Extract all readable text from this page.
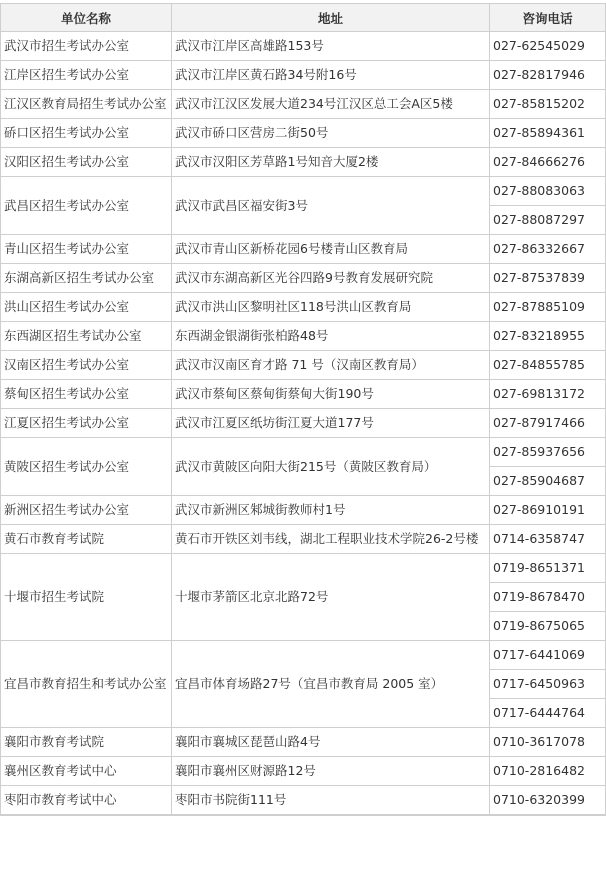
单位名称	地址	咨询电话
武汉市招生考试办公室	武汉市江岸区高雄路153号	027-62545029

江岸区招生考试办公室	武汉市江岸区黄石路34号附16号	027-82817946

江汉区教育局招生考试办公室	武汉市江汉区发展大道234号江汉区总工会A区5楼	027-85815202

硚口区招生考试办公室	武汉市硚口区营房二街50号	027-85894361

汉阳区招生考试办公室	武汉市汉阳区芳草路1号知音大厦2楼	027-84666276

武昌区招生考试办公室	武汉市武昌区福安街3号	027-88083063
027-88087297

青山区招生考试办公室	武汉市青山区新桥花园6号楼青山区教育局	027-86332667

东湖高新区招生考试办公室	武汉市东湖高新区光谷四路9号教育发展研究院	027-87537839

洪山区招生考试办公室	武汉市洪山区黎明社区118号洪山区教育局	027-87885109

东西湖区招生考试办公室	东西湖金银湖街张柏路48号	027-83218955

汉南区招生考试办公室	武汉市汉南区育才路 71 号（汉南区教育局）	027-84855785

蔡甸区招生考试办公室	武汉市蔡甸区蔡甸街蔡甸大街190号	027-69813172

江夏区招生考试办公室	武汉市江夏区纸坊街江夏大道177号	027-87917466

黄陂区招生考试办公室	武汉市黄陂区向阳大街215号（黄陂区教育局）	027-85937656
027-85904687

新洲区招生考试办公室	武汉市新洲区邾城街教师村1号	027-86910191

黄石市教育考试院	黄石市开铁区刘韦线，湖北工程职业技术学院26-2号楼	0714-6358747

十堰市招生考试院	十堰市茅箭区北京北路72号	0719-8651371
0719-8678470
0719-8675065

宜昌市教育招生和考试办公室	宜昌市体育场路27号（宜昌市教育局 2005 室）	0717-6441069
0717-6450963
0717-6444764

襄阳市教育考试院	襄阳市襄城区琵琶山路4号	0710-3617078

襄州区教育考试中心	襄阳市襄州区财源路12号	0710-2816482

枣阳市教育考试中心	枣阳市书院街111号	0710-6320399
